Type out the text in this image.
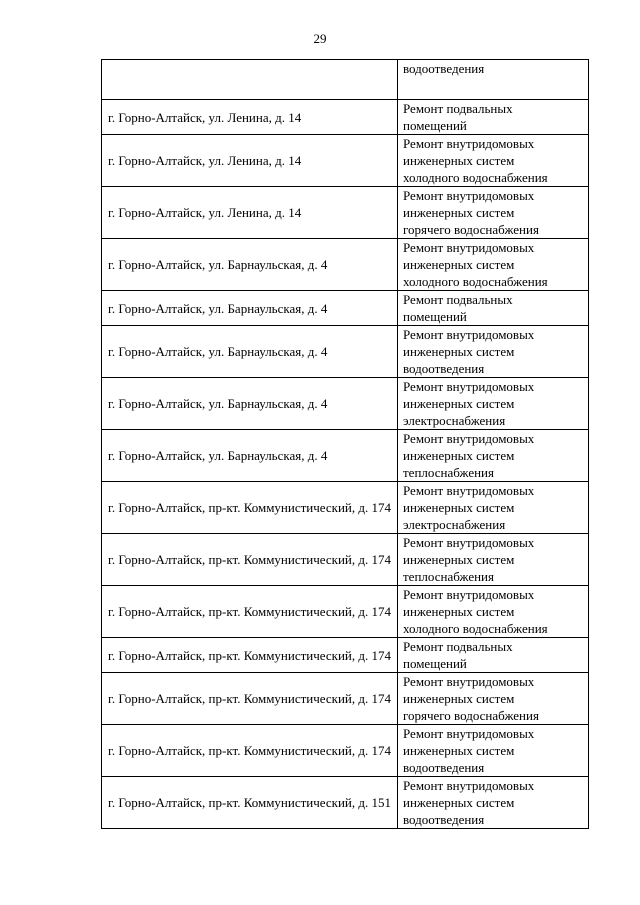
29

	водоотведения

г. Горно-Алтайск, ул. Ленина, д. 14	Ремонт подвальных
помещений

г. Горно-Алтайск, ул. Ленина, д. 14	Ремонт внутридомовых
инженерных систем
холодного водоснабжения

г. Горно-Алтайск, ул. Ленина, д. 14	Ремонт внутридомовых
инженерных систем
горячего водоснабжения

г. Горно-Алтайск, ул. Барнаульская, д. 4	Ремонт внутридомовых
инженерных систем
холодного водоснабжения

г. Горно-Алтайск, ул. Барнаульская, д. 4	Ремонт подвальных
помещений

г. Горно-Алтайск, ул. Барнаульская, д. 4	Ремонт внутридомовых
инженерных систем
водоотведения

г. Горно-Алтайск, ул. Барнаульская, д. 4	Ремонт внутридомовых
инженерных систем
электроснабжения

г. Горно-Алтайск, ул. Барнаульская, д. 4	Ремонт внутридомовых
инженерных систем
теплоснабжения

г. Горно-Алтайск, пр-кт. Коммунистический, д. 174	Ремонт внутридомовых
инженерных систем
электроснабжения

г. Горно-Алтайск, пр-кт. Коммунистический, д. 174	Ремонт внутридомовых
инженерных систем
теплоснабжения

г. Горно-Алтайск, пр-кт. Коммунистический, д. 174	Ремонт внутридомовых
инженерных систем
холодного водоснабжения

г. Горно-Алтайск, пр-кт. Коммунистический, д. 174	Ремонт подвальных
помещений

г. Горно-Алтайск, пр-кт. Коммунистический, д. 174	Ремонт внутридомовых
инженерных систем
горячего водоснабжения

г. Горно-Алтайск, пр-кт. Коммунистический, д. 174	Ремонт внутридомовых
инженерных систем
водоотведения

г. Горно-Алтайск, пр-кт. Коммунистический, д. 151	Ремонт внутридомовых
инженерных систем
водоотведения
